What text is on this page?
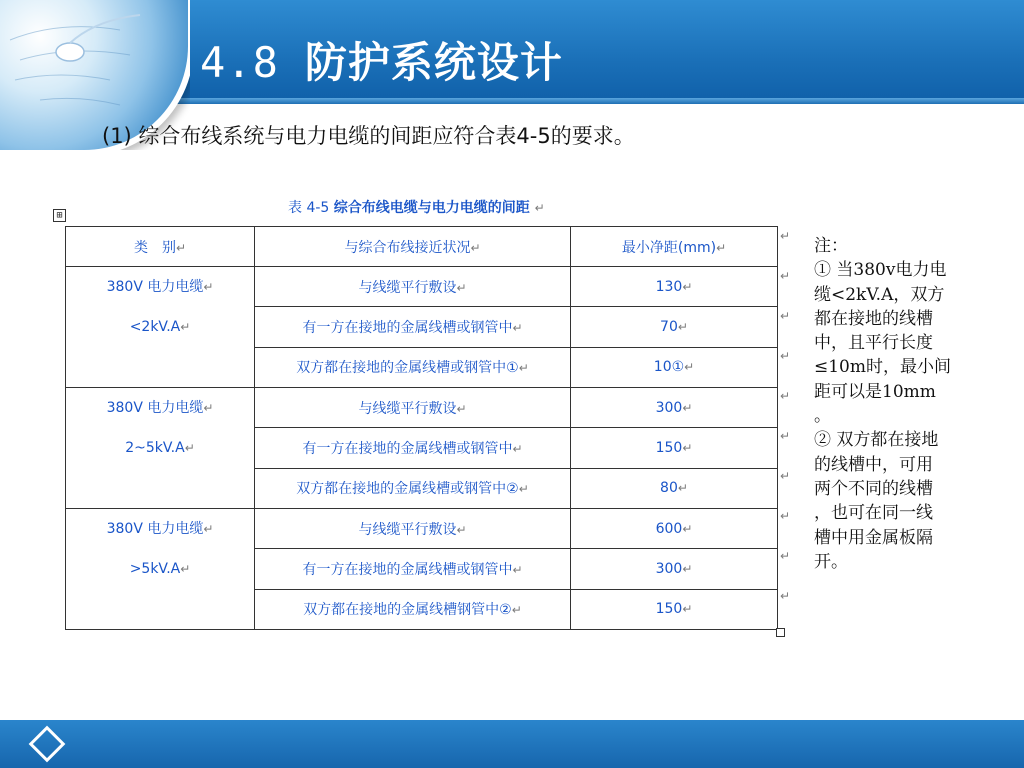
4.8 防护系统设计
(1) 综合布线系统与电力电缆的间距应符合表4-5的要求。
表 4-5 综合布线电缆与电力电缆的间距 ↵
⊞
类　别↵	与综合布线接近状况↵	最小净距(mm)↵

380V 电力电缆↵
<2kV.A↵	与线缆平行敷设↵	130↵
	有一方在接地的金属线槽或钢管中↵	70↵
	双方都在接地的金属线槽或钢管中①↵	10①↵

380V 电力电缆↵
2~5kV.A↵	与线缆平行敷设↵	300↵
	有一方在接地的金属线槽或钢管中↵	150↵
	双方都在接地的金属线槽或钢管中②↵	80↵

380V 电力电缆↵
>5kV.A↵	与线缆平行敷设↵	600↵
	有一方在接地的金属线槽或钢管中↵	300↵
	双方都在接地的金属线槽钢管中②↵	150↵
↵
↵
↵
↵
↵
↵
↵
↵
↵
↵

注：

① 当380v电力电

缆<2kV.A，双方

都在接地的线槽

中，且平行长度

≤10m时，最小间

距可以是10mm

。

② 双方都在接地

的线槽中，可用

两个不同的线槽

，也可在同一线

槽中用金属板隔

开。
